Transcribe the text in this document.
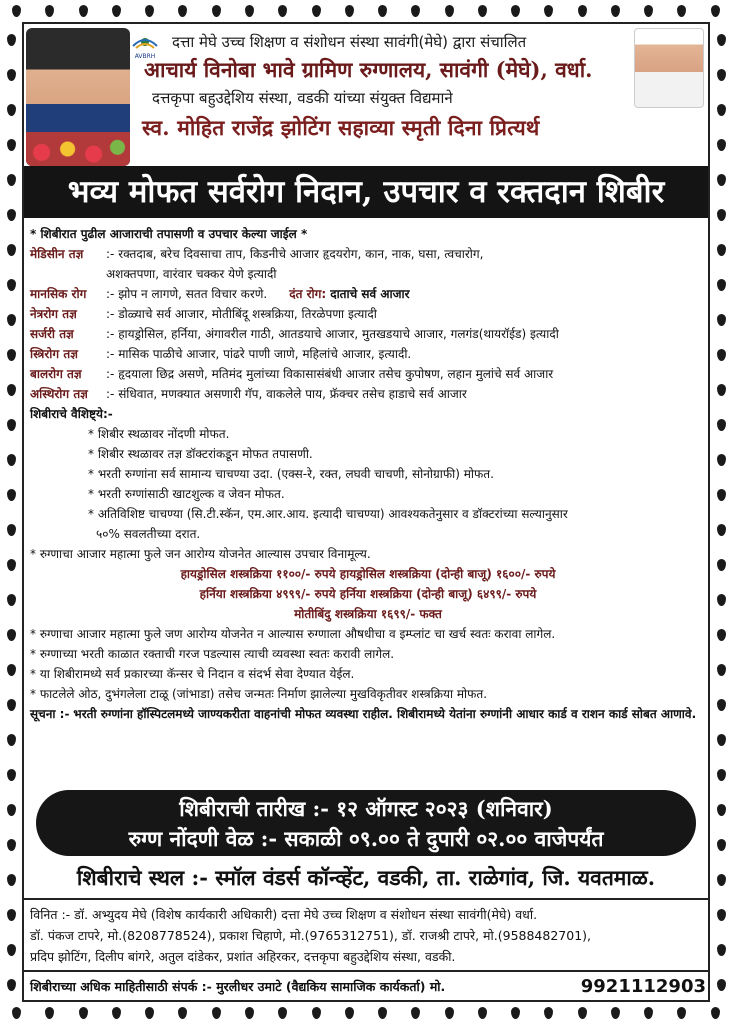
AVBRH
दत्ता मेघे उच्च शिक्षण व संशोधन संस्था सावंगी(मेघे) द्वारा संचालित
आचार्य विनोबा भावे ग्रामिण रुग्णालय, सावंगी (मेघे), वर्धा.
दत्तकृपा बहुउद्देशिय संस्था, वडकी यांच्या संयुक्त विद्यमाने
स्व. मोहित राजेंद्र झोटिंग सहाव्या स्मृती दिना प्रित्यर्थ
भव्य मोफत सर्वरोग निदान, उपचार व रक्तदान शिबीर
* शिबीरात पुढील आजाराची तपासणी व उपचार केल्या जाईल *
मेडिसीन तज्ञ	:- रक्तदाब, बरेच दिवसाचा ताप, किडनीचे आजार हृदयरोग, कान, नाक, घसा, त्वचारोग,
अशक्तपणा, वारंवार चक्कर येणे इत्यादी
मानसिक रोग	:- झोप न लागणे, सतत विचार करणे. दंत रोग: दाताचे सर्व आजार
नेत्ररोग तज्ञ	:- डोळ्याचे सर्व आजार, मोतीबिंदू शस्त्रक्रिया, तिरळेपणा इत्यादी
सर्जरी तज्ञ	:- हायड्रोसिल, हर्निया, अंगावरील गाठी, आतडयाचे आजार, मुतखडयाचे आजार, गलगंड(थायरॉईड) इत्यादी
स्त्रिरोग तज्ञ	:- मासिक पाळीचे आजार, पांढरे पाणी जाणे, महिलांचे आजार, इत्यादी.
बालरोग तज्ञ	:- हृदयाला छिद्र असणे, मतिमंद मुलांच्या विकासासंबंधी आजार तसेच कुपोषण, लहान मुलांचे सर्व आजार
अस्थिरोग तज्ञ	:- संधिवात, मणक्यात असणारी गॅप, वाकलेले पाय, फ्रॅक्चर तसेच हाडाचे सर्व आजार
शिबीराचे वैशिष्ट्ये:-
* शिबीर स्थळावर नोंदणी मोफत.
* शिबीर स्थळावर तज्ञ डॉक्टरांकडून मोफत तपासणी.
* भरती रुग्णांना सर्व सामान्य चाचण्या उदा. (एक्स-रे, रक्त, लघवी चाचणी, सोनोग्राफी) मोफत.
* भरती रुग्णांसाठी खाटशुल्क व जेवन मोफत.
* अतिविशिष्ट चाचण्या (सि.टी.स्कॅन, एम.आर.आय. इत्यादी चाचण्या) आवश्यकतेनुसार व डॉक्टरांच्या सल्यानुसार
५०% सवलतीच्या दरात.
* रुग्णाचा आजार महात्मा फुले जन आरोग्य योजनेत आल्यास उपचार विनामूल्य.
हायड्रोसिल शस्त्रक्रिया ११००/- रुपये हायड्रोसिल शस्त्रक्रिया (दोन्ही बाजू) १६००/- रुपये
हर्निया शस्त्रक्रिया ४९९९/- रुपये हर्निया शस्त्रक्रिया (दोन्ही बाजू) ६४९९/- रुपये
मोतीबिंदु शस्त्रक्रिया १६९९/- फक्त
* रुग्णाचा आजार महात्मा फुले जण आरोग्य योजनेत न आल्यास रुग्णाला औषधीचा व इम्प्लांट चा खर्च स्वतः करावा लागेल.
* रुग्णाच्या भरती काळात रक्ताची गरज पडल्यास त्याची व्यवस्था स्वतः करावी लागेल.
* या शिबीरामध्ये सर्व प्रकारच्या कॅन्सर चे निदान व संदर्भ सेवा देण्यात येईल.
* फाटलेले ओठ, दुभंगलेला टाळू (जांभाडा) तसेच जन्मतः निर्माण झालेल्या मुखविकृतीवर शस्त्रक्रिया मोफत.
सूचना :- भरती रुग्णांना हॉस्पिटलमध्ये जाण्यकरीता वाहनांची मोफत व्यवस्था राहील. शिबीरामध्ये येतांना रुग्णांनी आधार कार्ड व राशन कार्ड सोबत आणावे.
शिबीराची तारीख :- १२ ऑगस्ट २०२३ (शनिवार)
रुग्ण नोंदणी वेळ :- सकाळी ०९.०० ते दुपारी ०२.०० वाजेपर्यंत
शिबीराचे स्थल :- स्मॉल वंडर्स कॉन्व्हेंट, वडकी, ता. राळेगांव, जि. यवतमाळ.
विनित :- डॉ. अभ्युदय मेघे (विशेष कार्यकारी अधिकारी) दत्ता मेघे उच्च शिक्षण व संशोधन संस्था सावंगी(मेघे) वर्धा.
डॉ. पंकज टापरे, मो.(8208778524), प्रकाश चिहाणे, मो.(9765312751), डॉ. राजश्री टापरे, मो.(9588482701),
प्रदिप झोटिंग, दिलीप बांगरे, अतुल दांडेकर, प्रशांत अहिरकर, दत्तकृपा बहुउद्देशिय संस्था, वडकी.
शिबीराच्या अधिक माहितीसाठी संपर्क :- मुरलीधर उमाटे (वैद्यकिय सामाजिक कार्यकर्ता) मो.	9921112903
